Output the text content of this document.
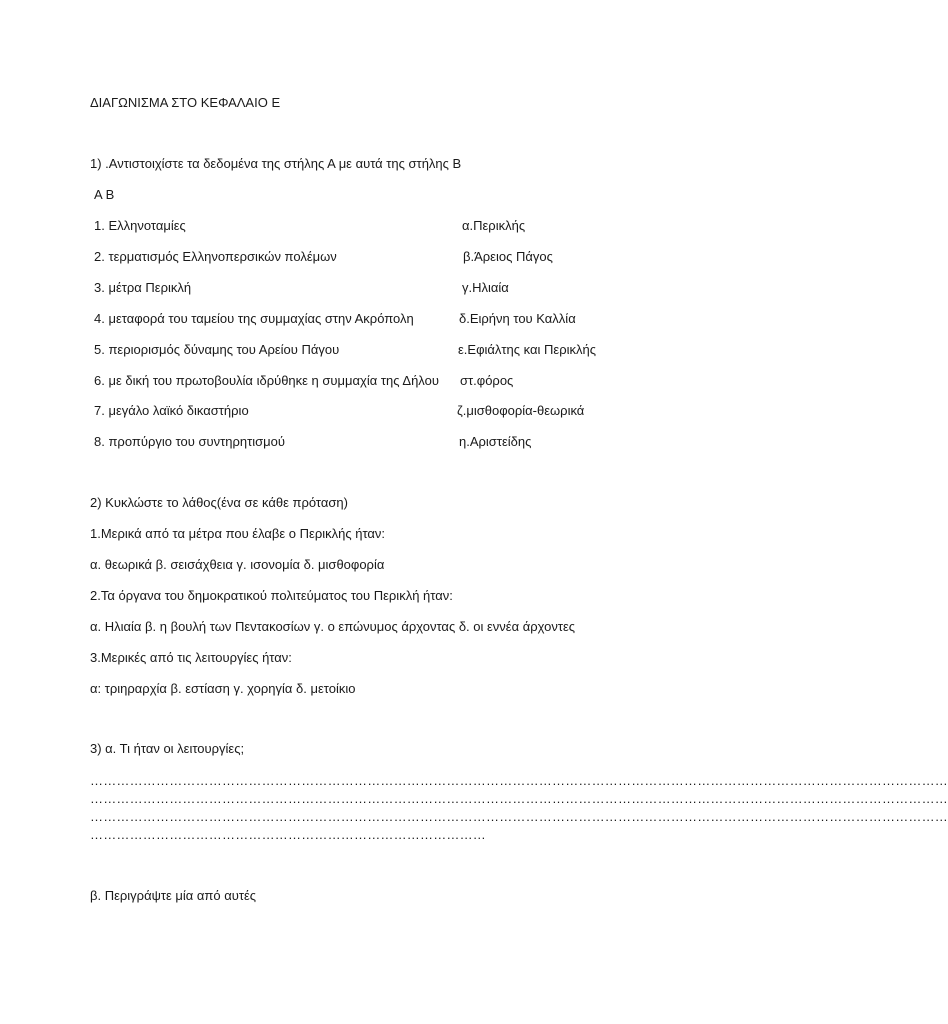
ΔΙΑΓΩΝΙΣΜΑ ΣΤΟ ΚΕΦΑΛΑΙΟ Ε
1) .Αντιστοιχίστε τα δεδομένα της στήλης Α με αυτά της στήλης Β
Α Β
1. Ελληνοταμίες	α.Περικλής
2. τερματισμός Ελληνοπερσικών πολέμων	β.Άρειος Πάγος
3. μέτρα Περικλή	γ.Ηλιαία
4. μεταφορά του ταμείου της συμμαχίας στην Ακρόπολη	δ.Ειρήνη του Καλλία
5. περιορισμός δύναμης του Αρείου Πάγου	ε.Εφιάλτης και Περικλής
6. με δική του πρωτοβουλία ιδρύθηκε η συμμαχία της Δήλου στ.φόρος
7. μεγάλο λαϊκό δικαστήριο	ζ.μισθοφορία-θεωρικά
8. προπύργιο του συντηρητισμού	η.Αριστείδης
2) Κυκλώστε το λάθος(ένα σε κάθε πρόταση)
1.Μερικά από τα μέτρα που έλαβε ο Περικλής ήταν:
α. θεωρικά β. σεισάχθεια γ. ισονομία δ. μισθοφορία
2.Τα όργανα του δημοκρατικού πολιτεύματος του Περικλή ήταν:
α. Ηλιαία β. η βουλή των Πεντακοσίων γ. ο επώνυμος άρχοντας δ. οι εννέα άρχοντες
3.Μερικές από τις λειτουργίες ήταν:
α: τριηραρχία β. εστίαση γ. χορηγία δ. μετοίκιο
3) α. Τι ήταν οι λειτουργίες;
……………………………………………………………………………………………………………………………………………………………………………
……………………………………………………………………………………………………………………………………………………………………………
……………………………………………………………………………………………………………………………………………………………………………
………………………………………………………………………………
β. Περιγράψτε μία από αυτές
